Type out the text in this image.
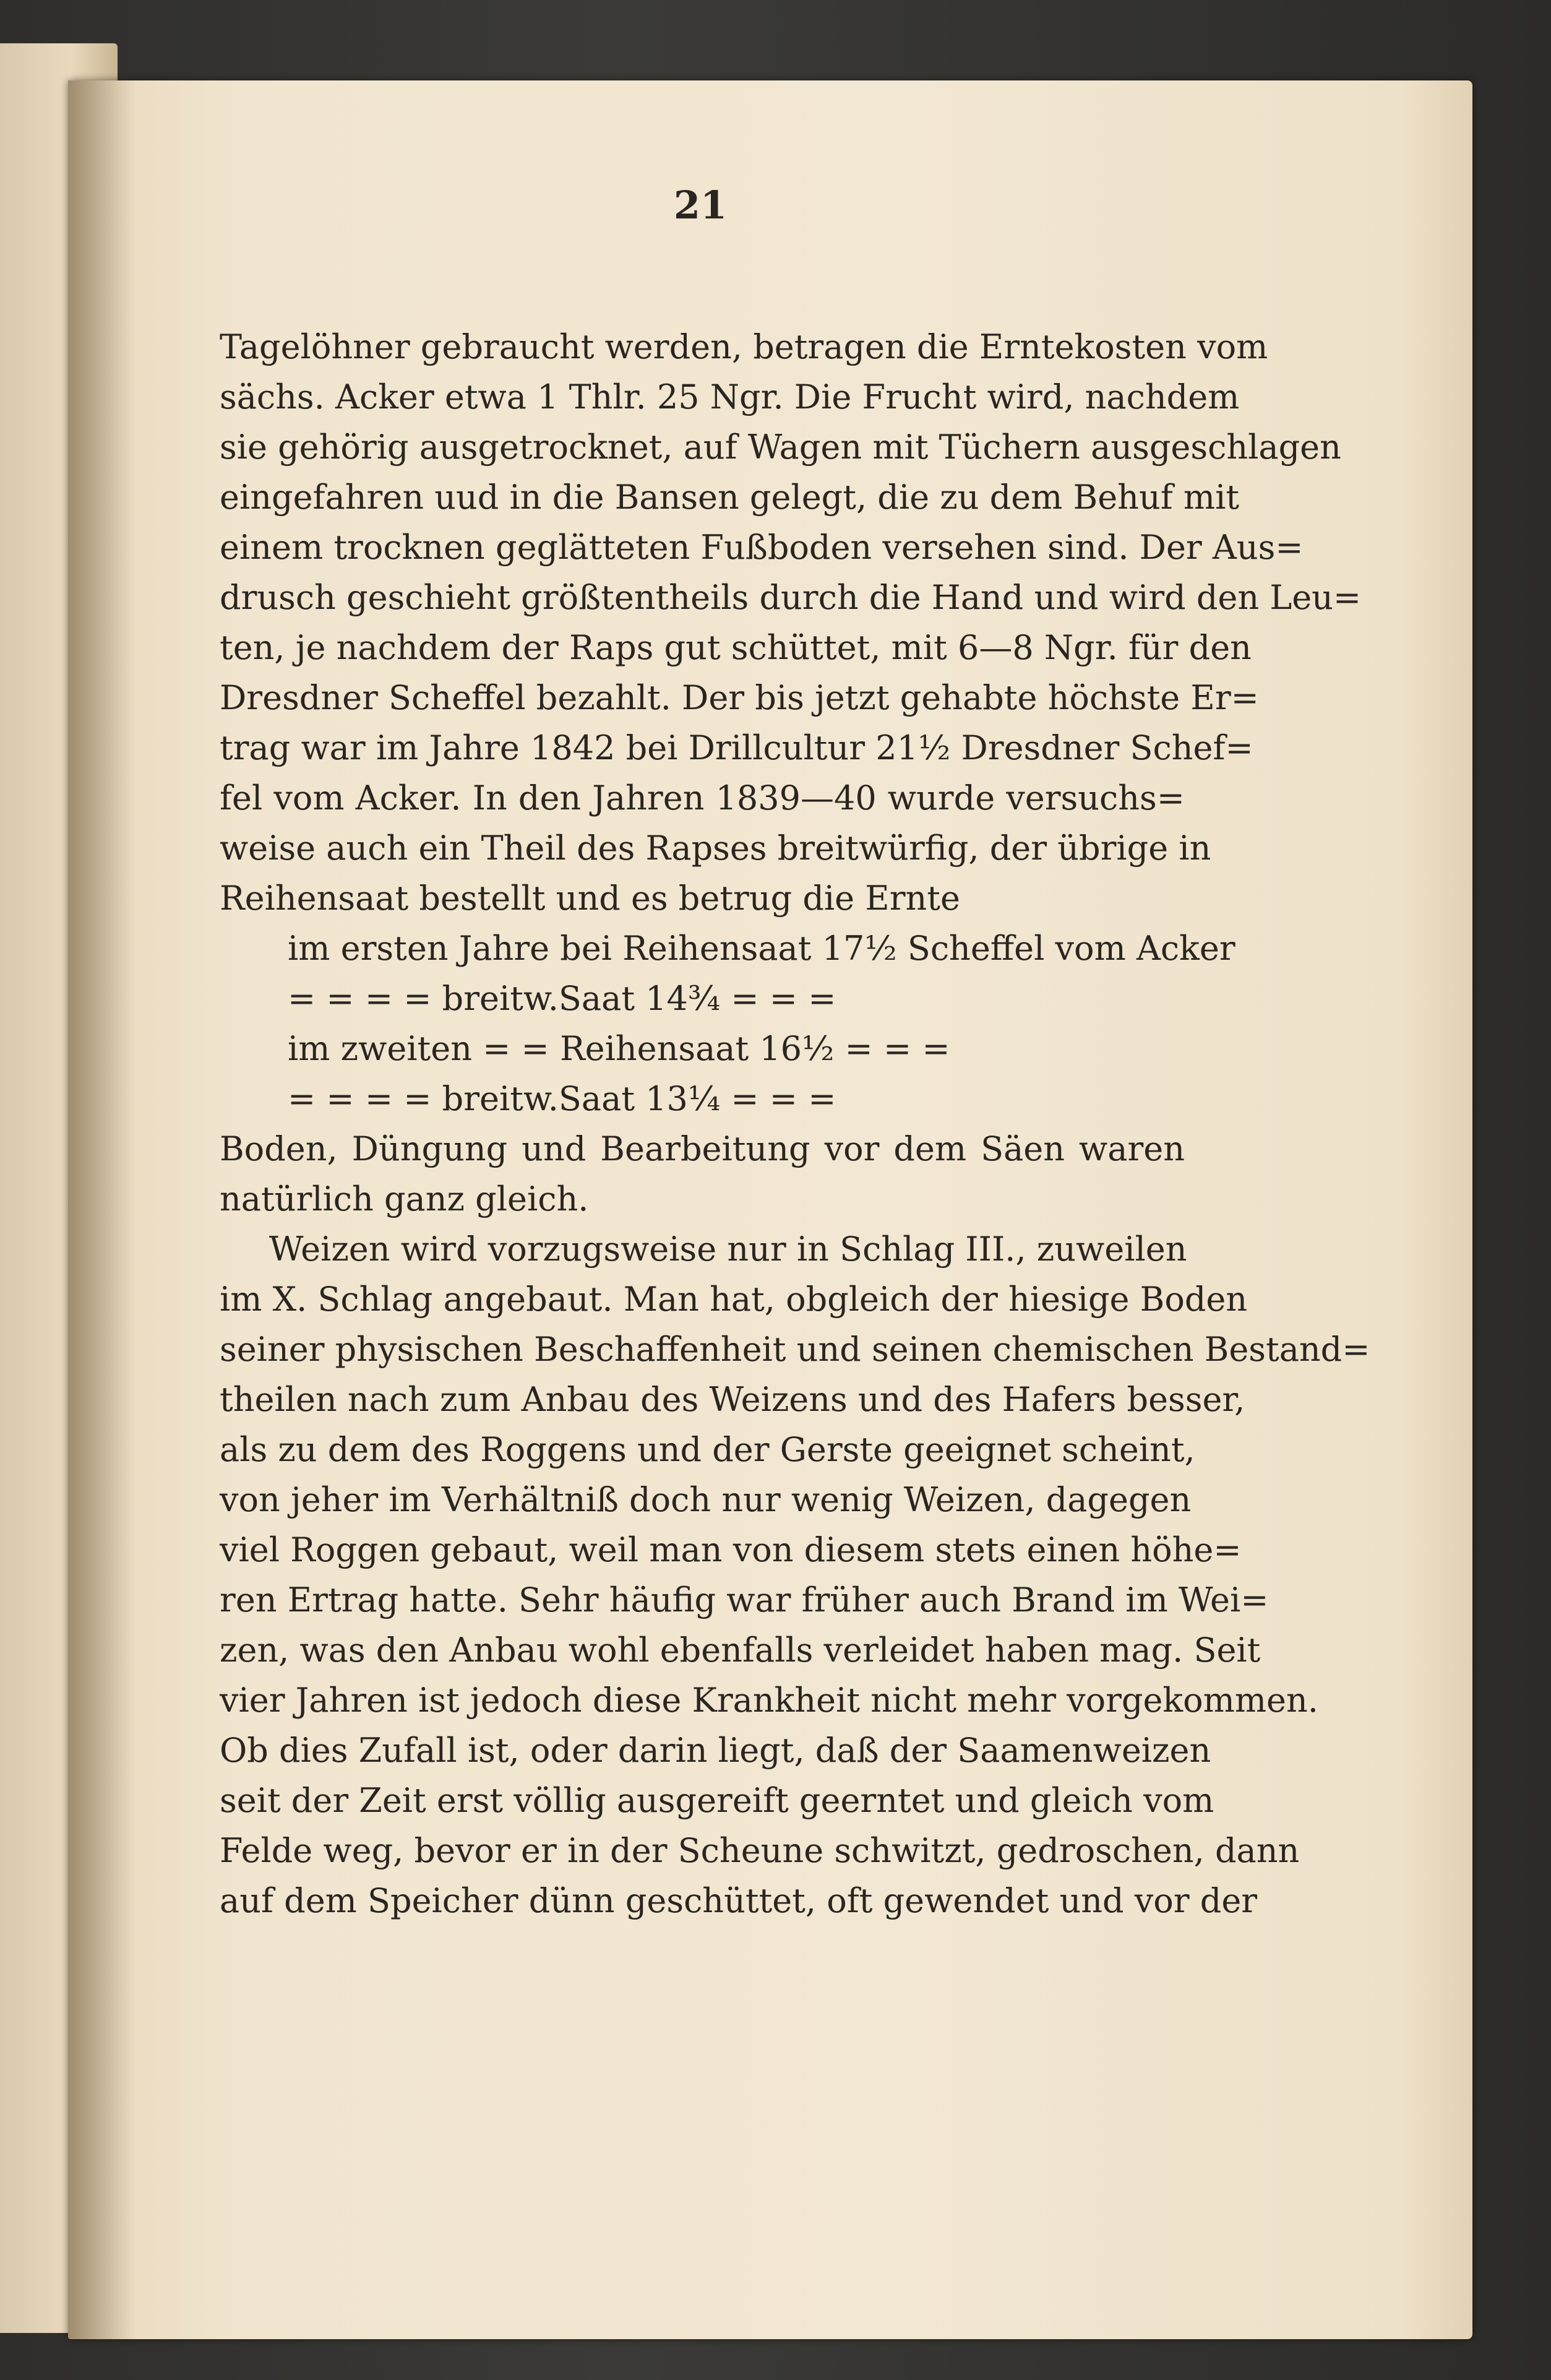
21
Tagelöhner gebraucht werden, betragen die Erntekosten vom
sächs. Acker etwa 1 Thlr. 25 Ngr. Die Frucht wird, nachdem
sie gehörig ausgetrocknet, auf Wagen mit Tüchern ausgeschlagen
eingefahren uud in die Bansen gelegt, die zu dem Behuf mit
einem trocknen geglätteten Fußboden versehen sind. Der Aus=
drusch geschieht größtentheils durch die Hand und wird den Leu=
ten, je nachdem der Raps gut schüttet, mit 6—8 Ngr. für den
Dresdner Scheffel bezahlt. Der bis jetzt gehabte höchste Er=
trag war im Jahre 1842 bei Drillcultur 21½ Dresdner Schef=
fel vom Acker. In den Jahren 1839—40 wurde versuchs=
weise auch ein Theil des Rapses breitwürfig, der übrige in
Reihensaat bestellt und es betrug die Ernte
im ersten Jahre bei Reihensaat 17½ Scheffel vom Acker
= = = = breitw.Saat 14¾ = = =
im zweiten = = Reihensaat 16½ = = =
= = = = breitw.Saat 13¼ = = =
Boden, Düngung und Bearbeitung vor dem Säen waren
natürlich ganz gleich.
Weizen wird vorzugsweise nur in Schlag III., zuweilen
im X. Schlag angebaut. Man hat, obgleich der hiesige Boden
seiner physischen Beschaffenheit und seinen chemischen Bestand=
theilen nach zum Anbau des Weizens und des Hafers besser,
als zu dem des Roggens und der Gerste geeignet scheint,
von jeher im Verhältniß doch nur wenig Weizen, dagegen
viel Roggen gebaut, weil man von diesem stets einen höhe=
ren Ertrag hatte. Sehr häufig war früher auch Brand im Wei=
zen, was den Anbau wohl ebenfalls verleidet haben mag. Seit
vier Jahren ist jedoch diese Krankheit nicht mehr vorgekommen.
Ob dies Zufall ist, oder darin liegt, daß der Saamenweizen
seit der Zeit erst völlig ausgereift geerntet und gleich vom
Felde weg, bevor er in der Scheune schwitzt, gedroschen, dann
auf dem Speicher dünn geschüttet, oft gewendet und vor der
